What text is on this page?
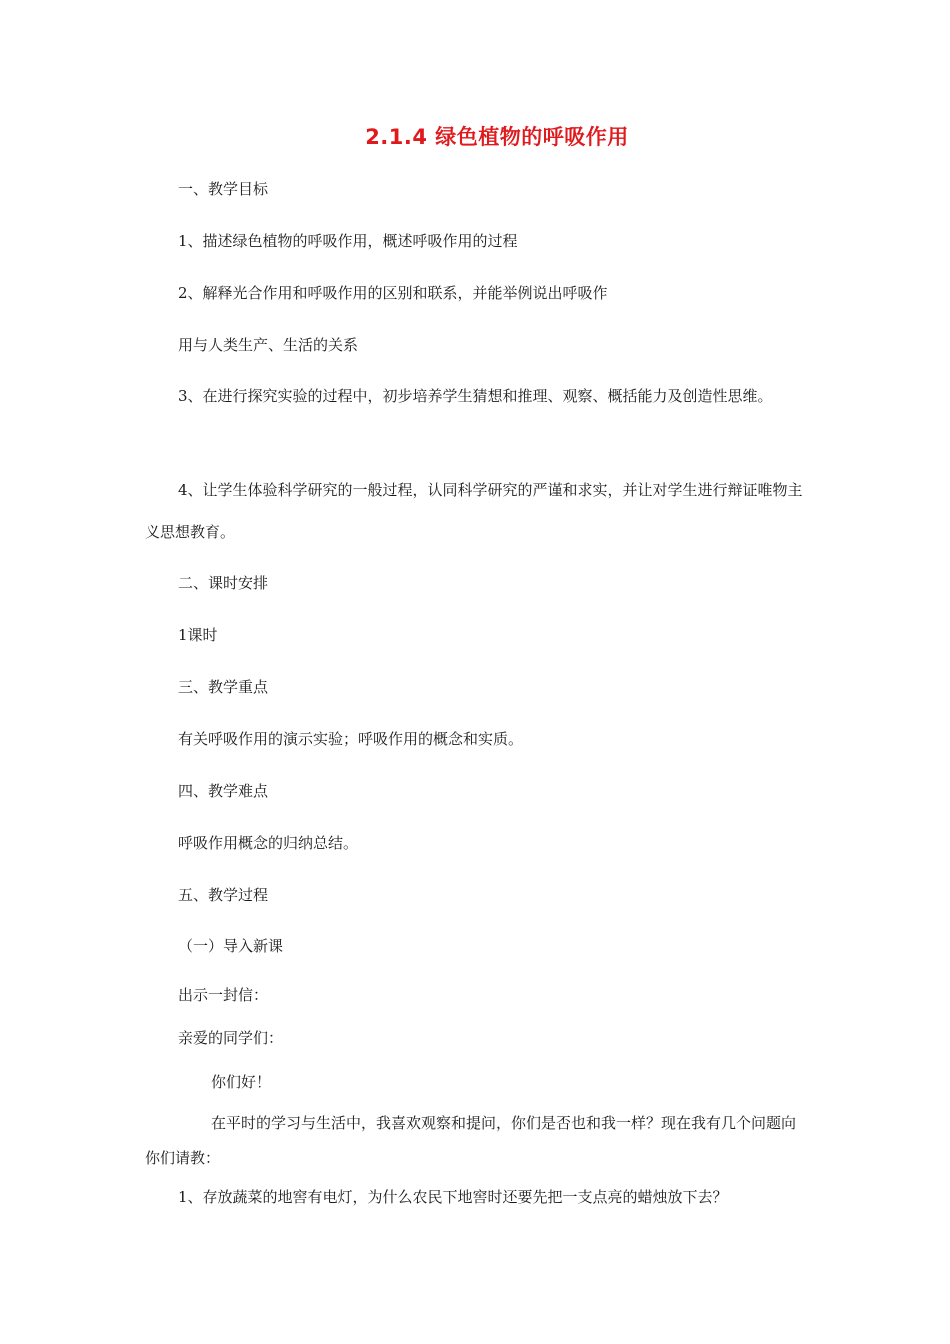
2.1.4 绿色植物的呼吸作用
一、教学目标
1、描述绿色植物的呼吸作用，概述呼吸作用的过程
2、解释光合作用和呼吸作用的区别和联系，并能举例说出呼吸作
用与人类生产、生活的关系
3、在进行探究实验的过程中，初步培养学生猜想和推理、观察、概括能力及创造性思维。
4、让学生体验科学研究的一般过程，认同科学研究的严谨和求实，并让对学生进行辩证唯物主义思想教育。
二、课时安排
1课时
三、教学重点
有关呼吸作用的演示实验；呼吸作用的概念和实质。
四、教学难点
呼吸作用概念的归纳总结。
五、教学过程
（一）导入新课
出示一封信：
亲爱的同学们：
你们好！
在平时的学习与生活中，我喜欢观察和提问，你们是否也和我一样？现在我有几个问题向你们请教：
1、存放蔬菜的地窖有电灯，为什么农民下地窖时还要先把一支点亮的蜡烛放下去？
